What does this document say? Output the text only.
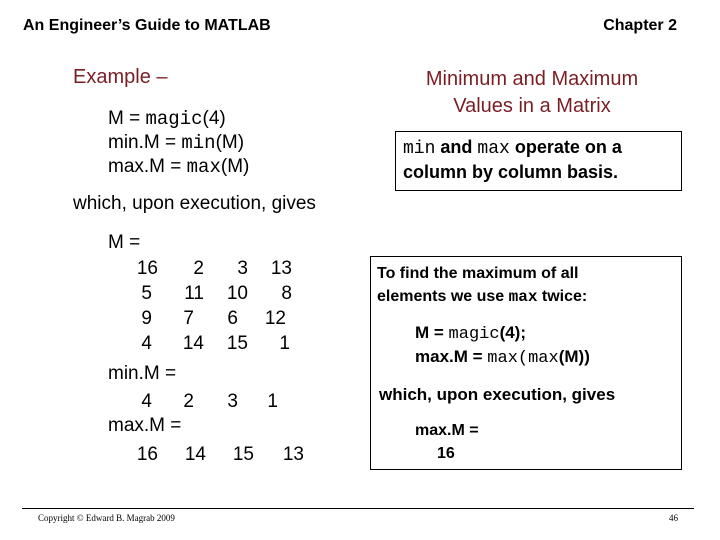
An Engineer’s Guide to MATLAB	Chapter 2
Example –	Minimum and Maximum
Values in a Matrix
M = magic(4)
min.M = min(M)
max.M = max(M)
which, upon execution, gives
min and max operate on a
column by column basis.
M =
16	2	3	13
5	11	10	8
9	7	6	12
4	14	15	1
min.M =
4	2	3	1
max.M =
16	14	15	13
To find the maximum of all
elements we use max twice:
M = magic(4);
max.M = max(max(M))
which, upon execution, gives
max.M =
16
Copyright © Edward B. Magrab 2009	46
